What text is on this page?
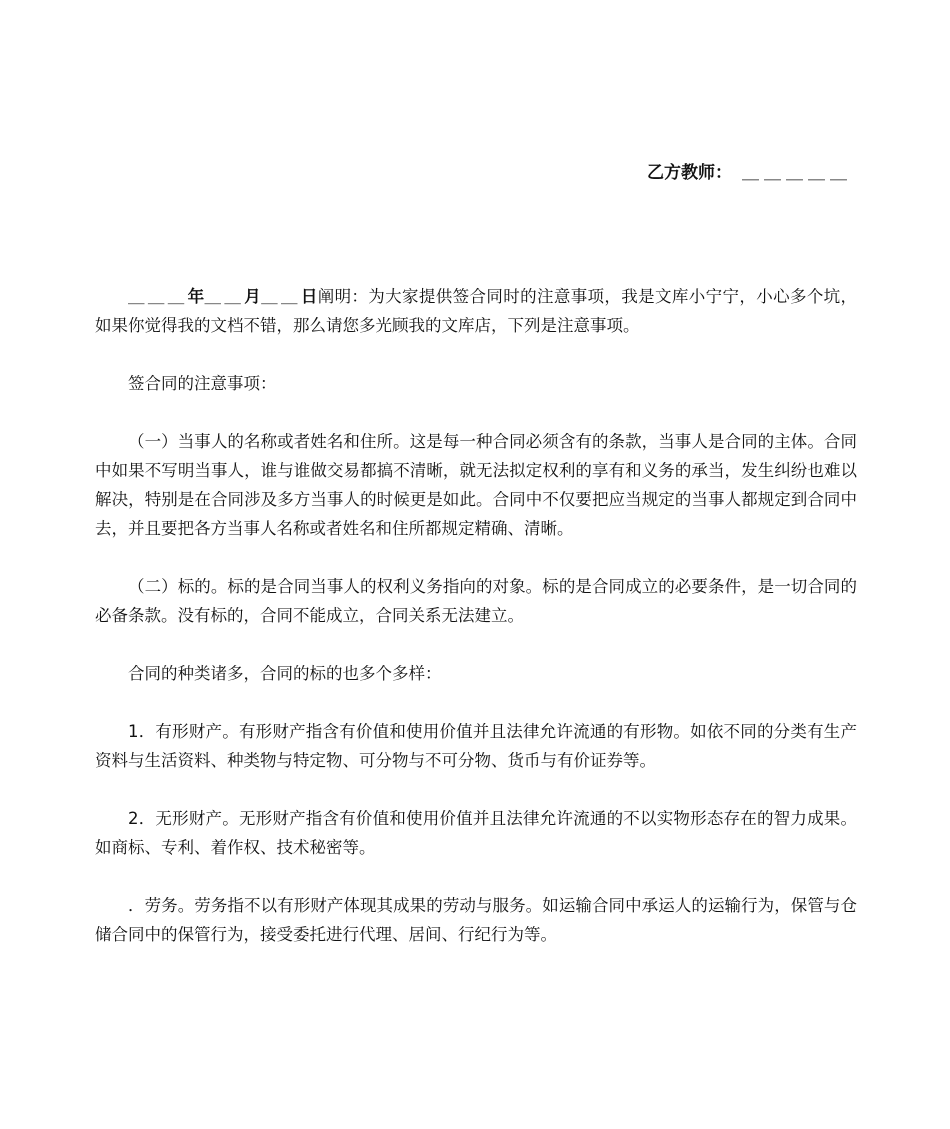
乙方教师： ＿＿＿＿＿

＿＿＿年＿＿月＿＿日阐明：为大家提供签合同时的注意事项，我是文库小宁宁，小心多个坑，如果你觉得我的文档不错，那么请您多光顾我的文库店，下列是注意事项。

签合同的注意事项：

（一）当事人的名称或者姓名和住所。这是每一种合同必须含有的条款，当事人是合同的主体。合同中如果不写明当事人，谁与谁做交易都搞不清晰，就无法拟定权利的享有和义务的承当，发生纠纷也难以解决，特别是在合同涉及多方当事人的时候更是如此。合同中不仅要把应当规定的当事人都规定到合同中去，并且要把各方当事人名称或者姓名和住所都规定精确、清晰。

（二）标的。标的是合同当事人的权利义务指向的对象。标的是合同成立的必要条件，是一切合同的必备条款。没有标的，合同不能成立，合同关系无法建立。

合同的种类诸多，合同的标的也多个多样：

1．有形财产。有形财产指含有价值和使用价值并且法律允许流通的有形物。如依不同的分类有生产资料与生活资料、种类物与特定物、可分物与不可分物、货币与有价证券等。

2．无形财产。无形财产指含有价值和使用价值并且法律允许流通的不以实物形态存在的智力成果。如商标、专利、着作权、技术秘密等。

．劳务。劳务指不以有形财产体现其成果的劳动与服务。如运输合同中承运人的运输行为，保管与仓储合同中的保管行为，接受委托进行代理、居间、行纪行为等。
